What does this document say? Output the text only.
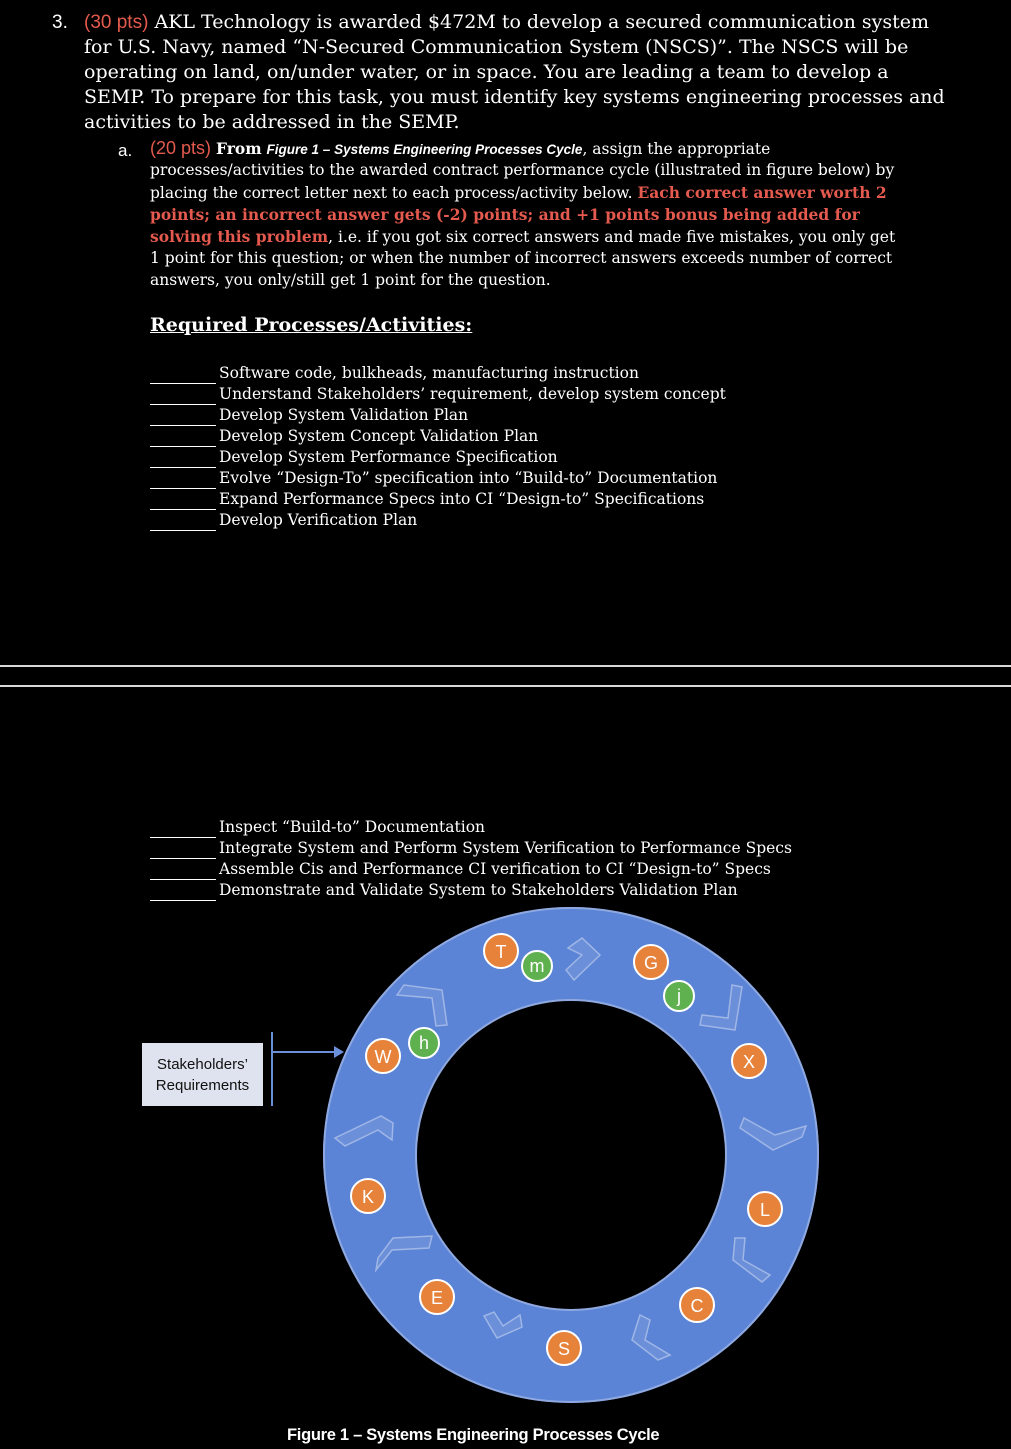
3. (30 pts) AKL Technology is awarded $472M to develop a secured communication system for U.S. Navy, named “N-Secured Communication System (NSCS)”. The NSCS will be operating on land, on/under water, or in space. You are leading a team to develop a SEMP. To prepare for this task, you must identify key systems engineering processes and activities to be addressed in the SEMP.
a. (20 pts) From Figure 1 – Systems Engineering Processes Cycle, assign the appropriate processes/activities to the awarded contract performance cycle (illustrated in figure below) by placing the correct letter next to each process/activity below. Each correct answer worth 2 points; an incorrect answer gets (-2) points; and +1 points bonus being added for solving this problem, i.e. if you got six correct answers and made five mistakes, you only get 1 point for this question; or when the number of incorrect answers exceeds number of correct answers, you only/still get 1 point for the question.
Required Processes/Activities:
Software code, bulkheads, manufacturing instruction
Understand Stakeholders’ requirement, develop system concept
Develop System Validation Plan
Develop System Concept Validation Plan
Develop System Performance Specification
Evolve “Design-To” specification into “Build-to” Documentation
Expand Performance Specs into CI “Design-to” Specifications
Develop Verification Plan
Inspect “Build-to” Documentation
Integrate System and Perform System Verification to Performance Specs
Assemble Cis and Performance CI verification to CI “Design-to” Specs
Demonstrate and Validate System to Stakeholders Validation Plan
T
m	G
j
X
L
C
S
E
K
W
h
Stakeholders’
Requirements
Figure 1 – Systems Engineering Processes Cycle
